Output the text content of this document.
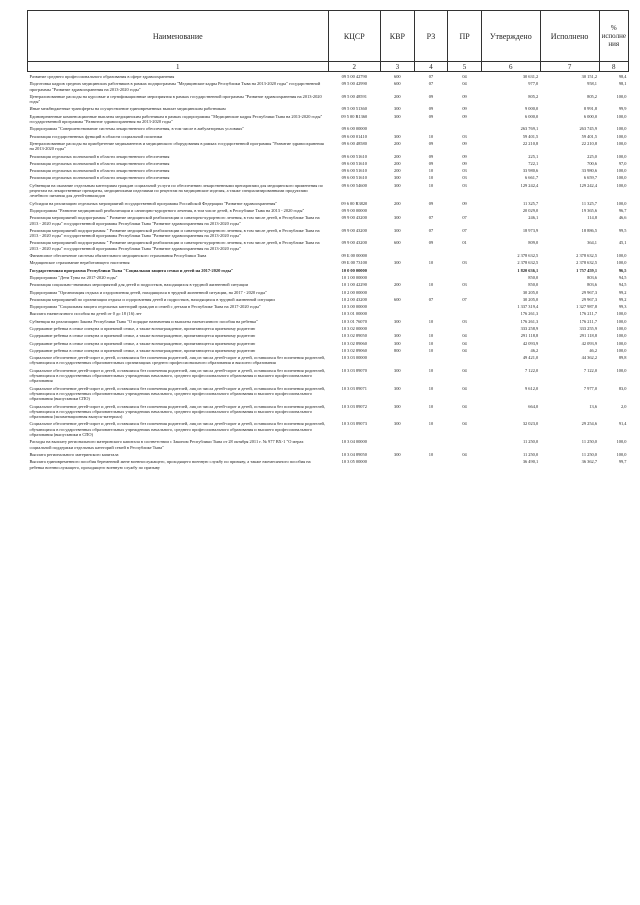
Наименование	КЦСР	КВР	РЗ	ПР	Утверждено	Исполнено	% исполне ния
1	2	3	4	5	6	7	8
Развитие среднего профессионального образования в сфере здравоохранения	09 5 00 42790	600	07	04	30 631,2	30 151,2	98,4
Подготовка кадров средних медицинских работников в рамках подпрограммы "Медицинские кадры Республики Тыва на 2013-2020 годы" государственной программы "Развитие здравоохранения на 2013-2020 годы"	09 5 00 42990	600	07	04	977,0	958,1	98,1
Централизованные расходы на курсовые и сертификационные мероприятия в рамках государственной программы "Развитие здравоохранения на 2013-2020 годы"	09 5 00 48591	200	09	09	805,2	805,2	100,0
Иные межбюджетные трансферты на осуществление единовременных выплат медицинским работникам	09 5 00 51360	300	09	09	9 000,0	8 991,8	99,9
Единовременные компенсационные выплаты медицинским работникам в рамках подпрограммы "Медицинские кадры Республики Тыва на 2013-2020 годы" государственной программы "Развитие здравоохранения на 2013-2020 годы"	09 5 00 R1360	300	09	09	6 000,0	6 000,0	100,0
Подпрограмма "Совершенствование системы лекарственного обеспечения, в том числе в амбулаторных условиях"	09 6 00 00000				263 769,1	263 745,9	100,0
Реализация государственных функций в области социальной политики	09 6 00 01410	300	10	03	59 401,5	59 401,5	100,0
Централизованные расходы на приобретение медикаментов и медицинского оборудования в рамках государственной программы "Развитие здравоохранения на 2013-2020 годы"	09 6 00 48580	200	09	09	22 210,8	22 210,8	100,0
Реализация отдельных полномочий в области лекарственного обеспечения	09 6 00 51610	200	09	09	225,1	225,0	100,0
Реализация отдельных полномочий в области лекарственного обеспечения	09 6 00 51610	200	09	09	722,1	700,6	97,0
Реализация отдельных полномочий в области лекарственного обеспечения	09 6 00 51610	200	10	03	33 980,6	33 980,6	100,0
Реализация отдельных полномочий в области лекарственного обеспечения	09 6 00 51610	300	10	03	6 661,7	6 659,7	100,0
Субвенции на оказание отдельным категориям граждан социальной услуги по обеспечению лекарственными препаратами для медицинского применения по рецептам на лекарственные препараты, медицинскими изделиями по рецептам на медицинские изделия, а также специализированными продуктами лечебного питания для детей-инвалидов	09 6 00 54600	300	10	03	129 242,4	129 242,4	100,0
Субсидии на реализацию отдельных мероприятий государственной программы Российской Федерации "Развитие здравоохранения"	09 6 00 R3820	200	09	09	11 325,7	11 325,7	100,0
Подпрограмма "Развитие медицинской реабилитации и санаторно-курортного лечения, в том числе детей, в Республике Тыва на 2013 - 2020 годы"	09 9 00 00000				20 029,0	19 365,6	96,7
Реализация мероприятий подпрограммы " Развитие медицинской реабилитации и санаторно-курортного лечения, в том числе детей, в Республике Тыва на 2013 - 2020 годы" государственной программы Республики Тыва "Развитие здравоохранения на 2013-2020 годы"	09 9 00 43200	300	07	07	246,1	114,8	46,6
Реализация мероприятий подпрограммы " Развитие медицинской реабилитации и санаторно-курортного лечения, в том числе детей, в Республике Тыва на 2013 - 2020 годы" государственной программы Республики Тыва "Развитие здравоохранения на 2013-2020 годы"	09 9 00 43200	300	07	07	18 973,9	18 886,5	99,5
Реализация мероприятий подпрограммы " Развитие медицинской реабилитации и санаторно-курортного лечения, в том числе детей, в Республике Тыва на 2013 - 2020 годы" государственной программы Республики Тыва "Развитие здравоохранения на 2013-2020 годы"	09 9 00 43200	600	09	01	809,0	364,1	45,1
Финансовое обеспечение системы обязательного медицинского страхования Республики Тыва	09 Б 00 00000				2 378 632,5	2 378 632,5	100,0
Медицинское страхование неработающего населения	09 Б 00 73100	300	10	03	2 378 632,5	2 378 632,5	100,0
Государственная программа Республики Тыва "Социальная защита семьи и детей на 2017-2020 годы"	10 0 00 00000				1 820 636,1	1 757 459,1	96,5
Подпрограмма "Дети Тувы на 2017-2020 годы"	10 1 00 00000				850,0	803,6	94,5
Реализация социально-значимых мероприятий для детей и подростков, находящихся в трудной жизненной ситуации	10 1 00 42290	200	10	03	850,0	803,6	94,5
Подпрограмма "Организация отдыха и оздоровления детей, находящихся в трудной жизненной ситуации, на 2017 - 2020 годы"	10 2 00 00000				30 205,0	29 967,3	99,2
Реализация мероприятий по организации отдыха и оздоровления детей и подростков, находящихся в трудной жизненной ситуации	10 2 00 43200	600	07	07	30 205,0	29 967,3	99,2
Подпрограмма "Социальная защита отдельных категорий граждан и семей с детьми в Республике Тыва на 2017-2020 годы"	10 3 00 00000				1 337 319,4	1 327 987,8	99,3
Выплата ежемесячного пособия на детей от 0 до 18 (16) лет	10 3 01 00000				176 261,3	176 211,7	100,0
Субвенция на реализацию Закона Республики Тыва "О порядке назначения и выплаты ежемесячного пособия на ребенка"	10 3 01 76070	300	10	03	176 261,3	176 211,7	100,0
Содержание ребенка в семье опекуна и приемной семье, а также вознаграждение, причитающееся приемному родителю	10 3 02 00000				333 258,9	333 255,9	100,0
Содержание ребенка в семье опекуна и приемной семье, а также вознаграждение, причитающееся приемному родителю	10 3 02 89050	300	10	04	291 118,8	291 118,8	100,0
Содержание ребенка в семье опекуна и приемной семье, а также вознаграждение, причитающееся приемному родителю	10 3 02 89060	300	10	04	42 093,9	42 093,9	100,0
Содержание ребенка в семье опекуна и приемной семье, а также вознаграждение, причитающееся приемному родителю	10 3 02 89060	800	10	04	46,2	46,2	100,0
Социальное обеспечение детей-сирот и детей, оставшихся без попечения родителей, лиц из числа детей-сирот и детей, оставшихся без попечения родителей, обучающихся в государственных образовательных организациях среднего профессионального образования и высшего образования	10 3 03 00000				49 421,0	44 362,2	89,8
Социальное обеспечение детей-сирот и детей, оставшихся без попечения родителей, лиц из числа детей-сирот и детей, оставшихся без попечения родителей, обучающихся в государственных образовательных учреждениях начального, среднего профессионального образования и высшего профессионального образования	10 3 03 89070	300	10	04	7 122,0	7 122,0	100,0
Социальное обеспечение детей-сирот и детей, оставшихся без попечения родителей, лиц из числа детей-сирот и детей, оставшихся без попечения родителей, обучающихся в государственных образовательных учреждениях начального, среднего профессионального образования и высшего профессионального образования (выпускники СПО)	10 3 03 89071	300	10	04	9 612,0	7 977,0	83,0
Социальное обеспечение детей-сирот и детей, оставшихся без попечения родителей, лиц из числа детей-сирот и детей, оставшихся без попечения родителей, обучающихся в государственных образовательных учреждениях начального, среднего профессионального образования и высшего профессионального образования (экзаменационная выпуск-материал)	10 3 03 89072	300	10	04	664,0	13,6	2,0
Социальное обеспечение детей-сирот и детей, оставшихся без попечения родителей, лиц из числа детей-сирот и детей, оставшихся без попечения родителей, обучающихся в государственных образовательных учреждениях начального, среднего профессионального образования и высшего профессионального образования (выпускники в СПО)	10 3 03 89073	300	10	04	32 023,0	29 254,6	91,4
Расходы на выплату регионального материнского капитала в соответствии с Законом Республики Тыва от 28 октября 2011 г. № 977 ВХ-1 "О мерах социальной поддержки отдельных категорий семей в Республике Тыва"	10 3 04 00000				11 250,0	11 250,0	100,0
Выплата регионального материнского капитала	10 3 04 89050	300	10	04	11 250,0	11 250,0	100,0
Выплата единовременного пособия беременной жене военнослужащего, проходящего военную службу по призыву, а также ежемесячного пособия на ребенка военнослужащего, проходящего военную службу по призыву	10 3 05 00000				36 490,1	36 362,7	99,7
